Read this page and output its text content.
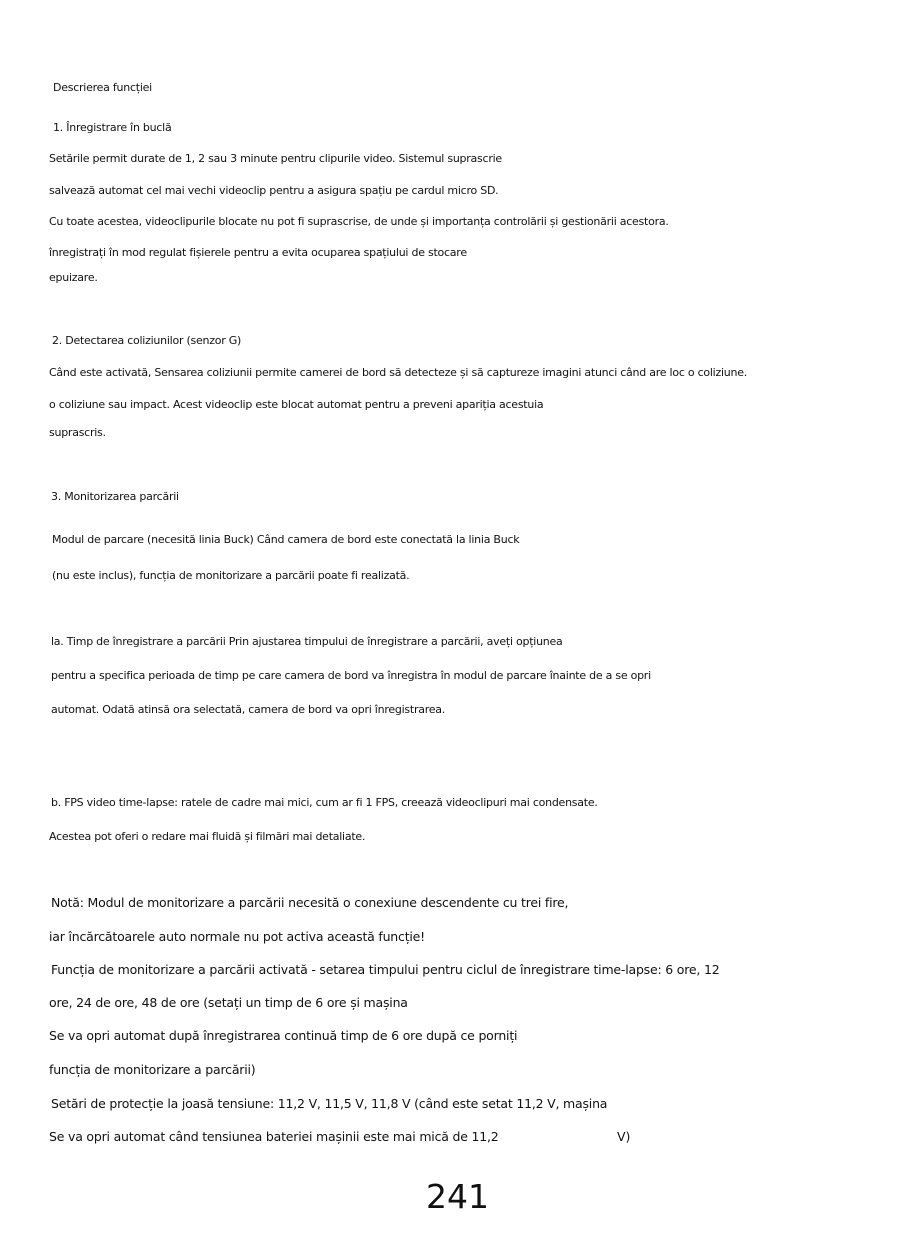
Descrierea funcției
1. Înregistrare în buclă
Setările permit durate de 1, 2 sau 3 minute pentru clipurile video. Sistemul suprascrie
salvează automat cel mai vechi videoclip pentru a asigura spațiu pe cardul micro SD.
Cu toate acestea, videoclipurile blocate nu pot fi suprascrise, de unde și importanța controlării și gestionării acestora.
înregistrați în mod regulat fișierele pentru a evita ocuparea spațiului de stocare
epuizare.
2. Detectarea coliziunilor (senzor G)
Când este activată, Sensarea coliziunii permite camerei de bord să detecteze și să captureze imagini atunci când are loc o coliziune.
o coliziune sau impact. Acest videoclip este blocat automat pentru a preveni apariția acestuia
suprascris.
3. Monitorizarea parcării
Modul de parcare (necesită linia Buck) Când camera de bord este conectată la linia Buck
(nu este inclus), funcția de monitorizare a parcării poate fi realizată.
la. Timp de înregistrare a parcării Prin ajustarea timpului de înregistrare a parcării, aveți opțiunea
pentru a specifica perioada de timp pe care camera de bord va înregistra în modul de parcare înainte de a se opri
automat. Odată atinsă ora selectată, camera de bord va opri înregistrarea.
b. FPS video time-lapse: ratele de cadre mai mici, cum ar fi 1 FPS, creează videoclipuri mai condensate.
Acestea pot oferi o redare mai fluidă și filmări mai detaliate.
Notă: Modul de monitorizare a parcării necesită o conexiune descendente cu trei fire,
iar încărcătoarele auto normale nu pot activa această funcție!
Funcția de monitorizare a parcării activată - setarea timpului pentru ciclul de înregistrare time-lapse: 6 ore, 12
ore, 24 de ore, 48 de ore (setați un timp de 6 ore și mașina
Se va opri automat după înregistrarea continuă timp de 6 ore după ce porniți
funcția de monitorizare a parcării)
Setări de protecție la joasă tensiune: 11,2 V, 11,5 V, 11,8 V (când este setat 11,2 V, mașina
Se va opri automat când tensiunea bateriei mașinii este mai mică de 11,2	V)
241
